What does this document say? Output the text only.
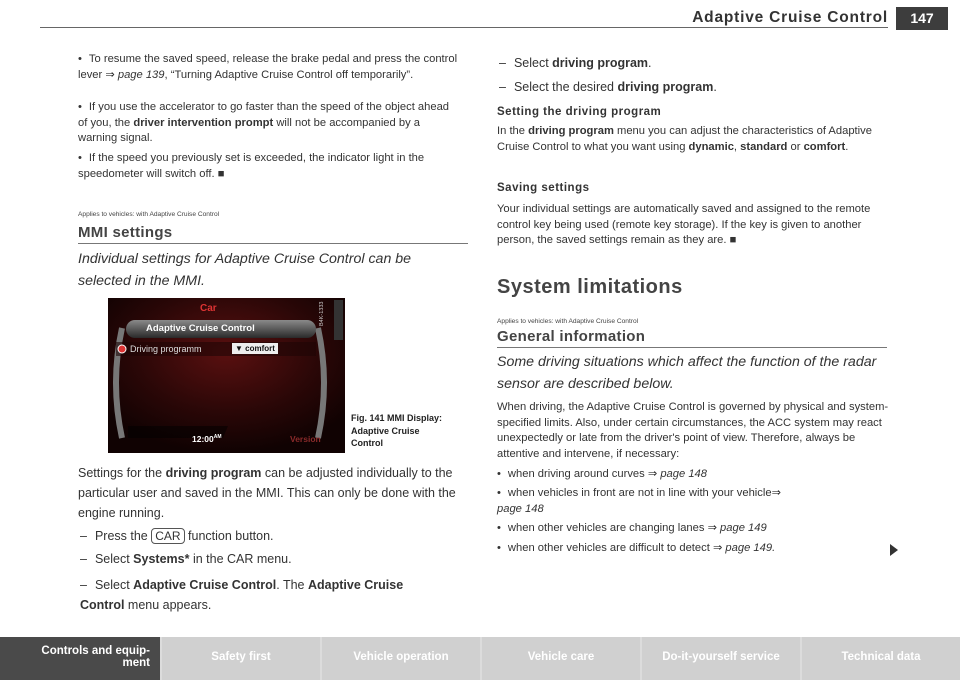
Adaptive Cruise Control	147

• To resume the saved speed, release the brake pedal and press the control lever ⇒ page 139, “Turning Adaptive Cruise Control off temporarily”.

• If you use the accelerator to go faster than the speed of the object ahead of you, the driver intervention prompt will not be accompanied by a warning signal.

• If the speed you previously set is exceeded, the indicator light in the speedometer will switch off. ■

Applies to vehicles: with Adaptive Cruise Control
MMI settings
Individual settings for Adaptive Cruise Control can be selected in the MMI.
Car
Adaptive Cruise Control
Driving programm	▼ comfort
$12:00^{AM}$	Version
B4K-1333
Fig. 141 MMI Display:
Adaptive Cruise
Control

Settings for the driving program can be adjusted individually to the particular user and saved in the MMI. This can only be done with the engine running.

– Press the CAR function button.

– Select Systems* in the CAR menu.

– Select Adaptive Cruise Control. The Adaptive Cruise Control menu appears.

– Select driving program.

– Select the desired driving program.

Setting the driving program

In the driving program menu you can adjust the characteristics of Adaptive Cruise Control to what you want using dynamic, standard or comfort.

Saving settings

Your individual settings are automatically saved and assigned to the remote control key being used (remote key storage). If the key is given to another person, the saved settings remain as they are. ■

System limitations
Applies to vehicles: with Adaptive Cruise Control
General information
Some driving situations which affect the function of the radar sensor are described below.

When driving, the Adaptive Cruise Control is governed by physical and system-specified limits. Also, under certain circumstances, the ACC system may react unexpectedly or late from the driver's point of view. Therefore, always be attentive and intervene, if necessary:

• when driving around curves ⇒ page 148

• when vehicles in front are not in line with your vehicle⇒ page 148

• when other vehicles are changing lanes ⇒ page 149

• when other vehicles are difficult to detect ⇒ page 149.

Controls and equip-
ment	Safety first	Vehicle operation	Vehicle care	Do-it-yourself service	Technical data
